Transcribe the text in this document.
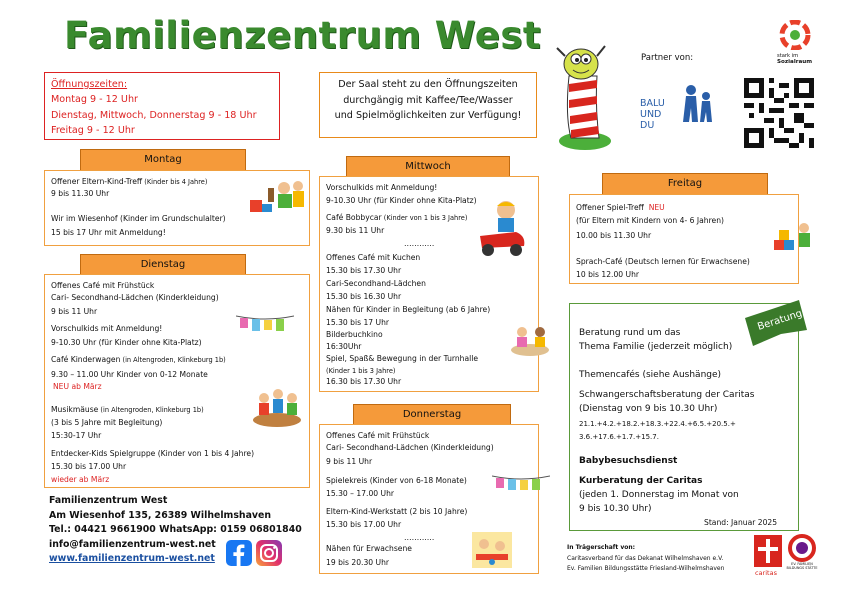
Familienzentrum West
Öffnungszeiten:
Montag 9 - 12 Uhr
Dienstag, Mittwoch, Donnerstag 9 - 18 Uhr
Freitag 9 - 12 Uhr
Der Saal steht zu den Öffnungszeiten
durchgängig mit Kaffee/Tee/Wasser
und Spielmöglichkeiten zur Verfügung!
Partner von:
BALU UND DU
stark im
Sozialraum
Montag
Offener Eltern-Kind-Treff (Kinder bis 4 Jahre)
9 bis 11.30 Uhr
Wir im Wiesenhof (Kinder im Grundschulalter)
15 bis 17 Uhr mit Anmeldung!
Dienstag
Offenes Café mit Frühstück
Cari- Secondhand-Lädchen (Kinderkleidung)
9 bis 11 Uhr
Vorschulkids mit Anmeldung!
9-10.30 Uhr (für Kinder ohne Kita-Platz)
Café Kinderwagen (in Altengroden, Klinkeburg 1b)
9.30 – 11.00 Uhr Kinder von 0-12 Monate
NEU ab März
Musikmäuse (in Altengroden, Klinkeburg 1b)
(3 bis 5 Jahre mit Begleitung)
15:30-17 Uhr
Entdecker-Kids Spielgruppe (Kinder von 1 bis 4 Jahre)
15.30 bis 17.00 Uhr
wieder ab März
Familienzentrum West
Am Wiesenhof 135, 26389 Wilhelmshaven
Tel.: 04421 9661900 WhatsApp: 0159 06801840
info@familienzentrum-west.net
www.familienzentrum-west.net
Mittwoch
Vorschulkids mit Anmeldung!
9-10.30 Uhr (für Kinder ohne Kita-Platz)
Café Bobbycar (Kinder von 1 bis 3 Jahre)
9.30 bis 11 Uhr
…………
Offenes Café mit Kuchen
15.30 bis 17.30 Uhr
Cari-Secondhand-Lädchen
15.30 bis 16.30 Uhr
Nähen für Kinder in Begleitung (ab 6 Jahre)
15.30 bis 17 Uhr
Bilderbuchkino
16:30Uhr
Spiel, Spaß& Bewegung in der Turnhalle
(Kinder 1 bis 3 Jahre)
16.30 bis 17.30 Uhr
Donnerstag
Offenes Café mit Frühstück
Cari- Secondhand-Lädchen (Kinderkleidung)
9 bis 11 Uhr
Spielekreis (Kinder von 6-18 Monate)
15.30 – 17.00 Uhr
Eltern-Kind-Werkstatt (2 bis 10 Jahre)
15.30 bis 17.00 Uhr
…………
Nähen für Erwachsene
19 bis 20.30 Uhr
Freitag
Offener Spiel-Treff NEU
(für Eltern mit Kindern von 4- 6 Jahren)
10.00 bis 11.30 Uhr
Sprach-Café (Deutsch lernen für Erwachsene)
10 bis 12.00 Uhr
Beratung rund um das
Thema Familie (jederzeit möglich)
Themencafés (siehe Aushänge)
Schwangerschaftsberatung der Caritas
(Dienstag von 9 bis 10.30 Uhr)
21.1.+4.2.+18.2.+18.3.+22.4.+6.5.+20.5.+
3.6.+17.6.+1.7.+15.7.
Babybesuchsdienst
Kurberatung der Caritas
(jeden 1. Donnerstag im Monat von
9 bis 10.30 Uhr)
Stand: Januar 2025
Beratung
In Trägerschaft von:
Caritasverband für das Dekanat Wilhelmshaven e.V.
Ev. Familien Bildungsstätte Friesland-Wilhelmshaven
caritas
EV. FAMILIEN BILDUNGS STÄTTE
